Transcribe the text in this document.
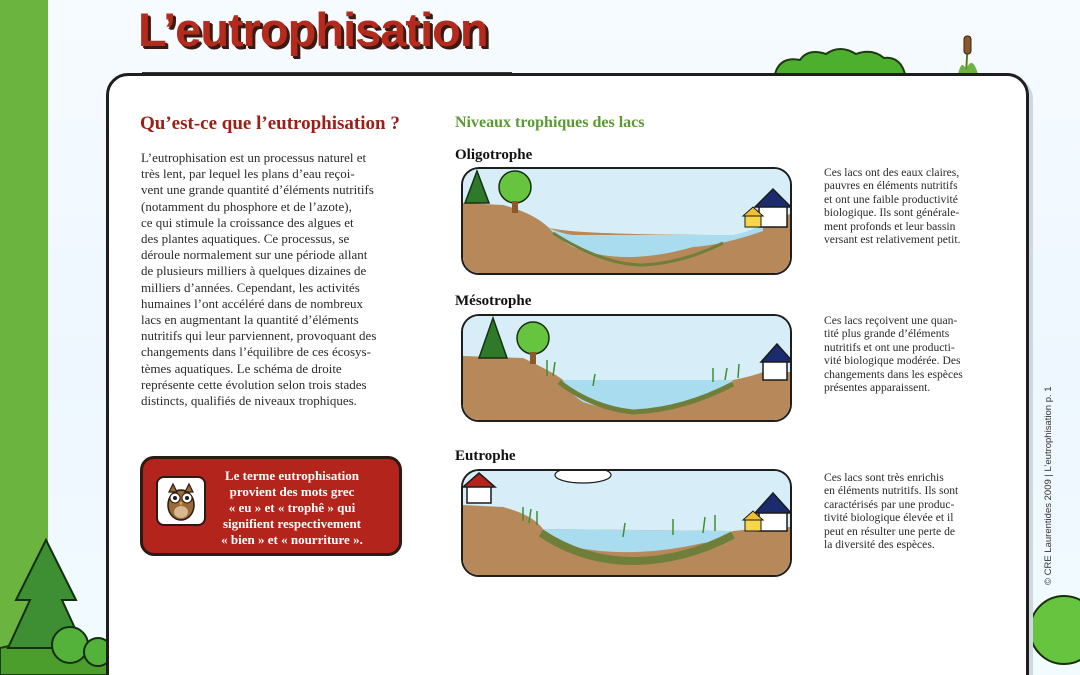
L’eutrophisation
Qu’est-ce que l’eutrophisation ?
L’eutrophisation est un processus naturel et
très lent, par lequel les plans d’eau reçoi-
vent une grande quantité d’éléments nutritifs
(notamment du phosphore et de l’azote),
ce qui stimule la croissance des algues et
des plantes aquatiques. Ce processus, se
déroule normalement sur une période allant
de plusieurs milliers à quelques dizaines de
milliers d’années. Cependant, les activités
humaines l’ont accéléré dans de nombreux
lacs en augmentant la quantité d’éléments
nutritifs qui leur parviennent, provoquant des
changements dans l’équilibre de ces écosys-
tèmes aquatiques. Le schéma de droite
représente cette évolution selon trois stades
distincts, qualifiés de niveaux trophiques.
Le terme eutrophisation
provient des mots grec
« eu » et « trophê » qui
signifient respectivement
« bien » et « nourriture ».
Niveaux trophiques des lacs
Oligotrophe
Ces lacs ont des eaux claires,
pauvres en éléments nutritifs
et ont une faible productivité
biologique. Ils sont générale-
ment profonds et leur bassin
versant est relativement petit.
Mésotrophe
Ces lacs reçoivent une quan-
tité plus grande d’éléments
nutritifs et ont une producti-
vité biologique modérée. Des
changements dans les espèces
présentes apparaissent.
Eutrophe
Ces lacs sont très enrichis
en éléments nutritifs. Ils sont
caractérisés par une produc-
tivité biologique élevée et il
peut en résulter une perte de
la diversité des espèces.	© CRE Laurentides 2009 | L’eutrophisation p. 1
